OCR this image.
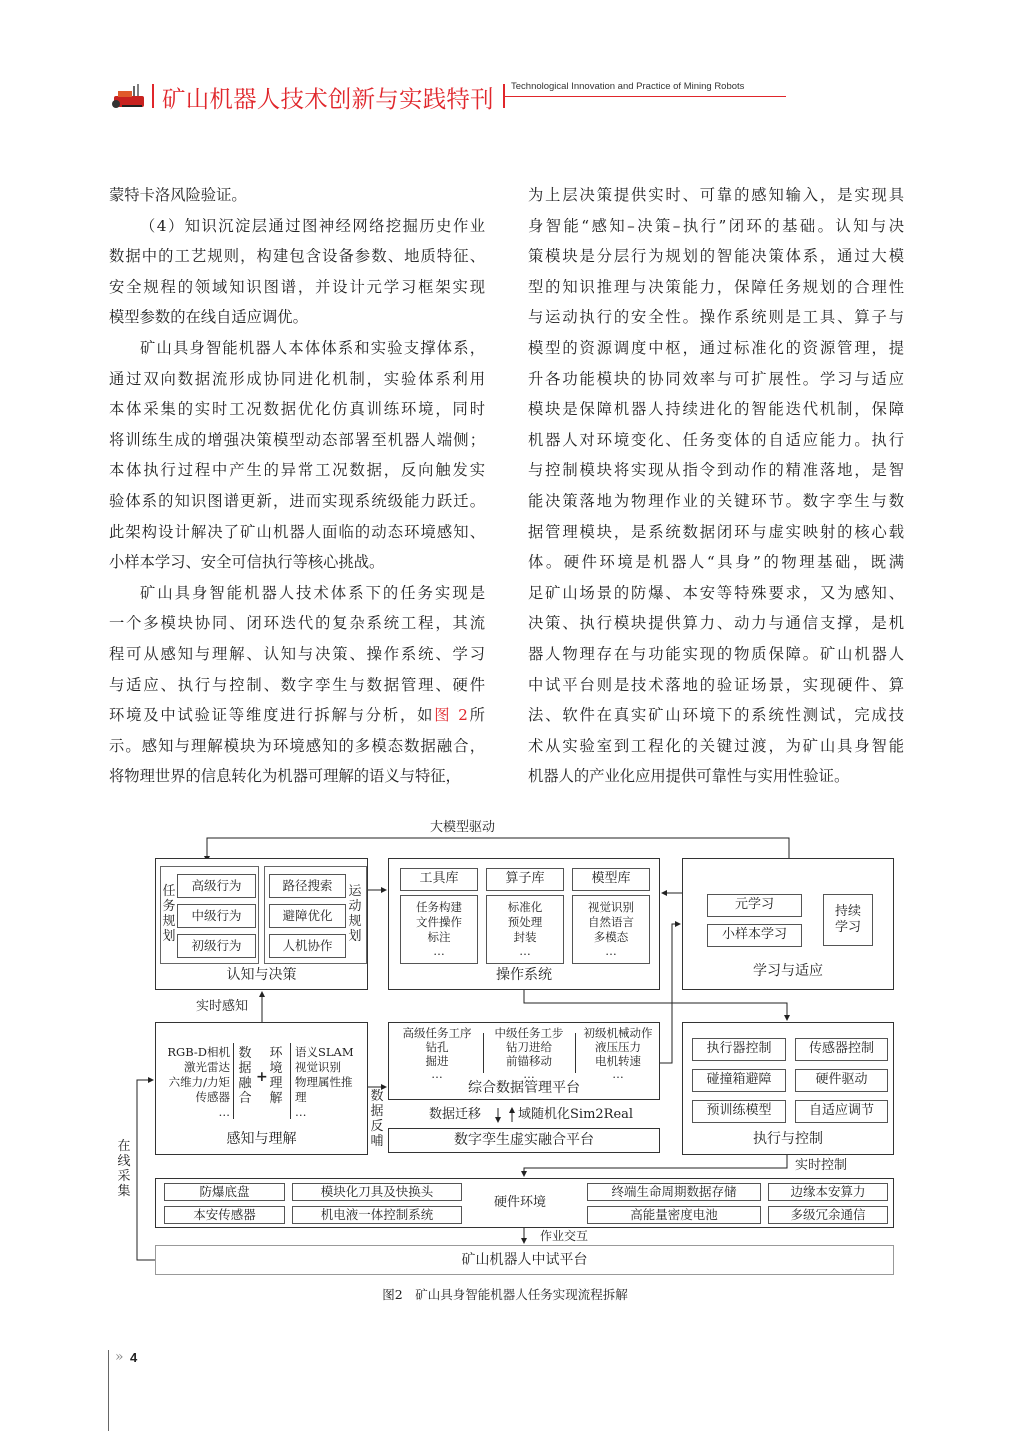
矿山机器人技术创新与实践特刊 Technological Innovation and Practice of Mining Robots
蒙特卡洛风险验证。
（4）知识沉淀层通过图神经网络挖掘历史作业
数据中的工艺规则，构建包含设备参数、地质特征、
安全规程的领域知识图谱，并设计元学习框架实现
模型参数的在线自适应调优。
矿山具身智能机器人本体体系和实验支撑体系，
通过双向数据流形成协同进化机制，实验体系利用
本体采集的实时工况数据优化仿真训练环境，同时
将训练生成的增强决策模型动态部署至机器人端侧；
本体执行过程中产生的异常工况数据，反向触发实
验体系的知识图谱更新，进而实现系统级能力跃迁。
此架构设计解决了矿山机器人面临的动态环境感知、
小样本学习、安全可信执行等核心挑战。
矿山具身智能机器人技术体系下的任务实现是
一个多模块协同、闭环迭代的复杂系统工程，其流
程可从感知与理解、认知与决策、操作系统、学习
与适应、执行与控制、数字孪生与数据管理、硬件
环境及中试验证等维度进行拆解与分析，如图 2所
示。感知与理解模块为环境感知的多模态数据融合，
将物理世界的信息转化为机器可理解的语义与特征，
为上层决策提供实时、可靠的感知输入，是实现具
身智能“感知–决策–执行”闭环的基础。认知与决
策模块是分层行为规划的智能决策体系，通过大模
型的知识推理与决策能力，保障任务规划的合理性
与运动执行的安全性。操作系统则是工具、算子与
模型的资源调度中枢，通过标准化的资源管理，提
升各功能模块的协同效率与可扩展性。学习与适应
模块是保障机器人持续进化的智能迭代机制，保障
机器人对环境变化、任务变体的自适应能力。执行
与控制模块将实现从指令到动作的精准落地，是智
能决策落地为物理作业的关键环节。数字孪生与数
据管理模块，是系统数据闭环与虚实映射的核心载
体。硬件环境是机器人“具身”的物理基础，既满
足矿山场景的防爆、本安等特殊要求，又为感知、
决策、执行模块提供算力、动力与通信支撑，是机
器人物理存在与功能实现的物质保障。矿山机器人
中试平台则是技术落地的验证场景，实现硬件、算
法、软件在真实矿山环境下的系统性测试，完成技
术从实验室到工程化的关键过渡，为矿山具身智能
机器人的产业化应用提供可靠性与实用性验证。
大模型驱动
任务规划
高级行为
中级行为
初级行为
路径搜索
避障优化
人机协作
运动规划
认知与决策
工具库	算子库	模型库
任务构建
文件操作
标注
…
标准化
预处理
封装
…
视觉识别
自然语言
多模态
…
操作系统
元学习
小样本学习
持续学习
学习与适应
实时感知
RGB-D相机
激光雷达
六维力/力矩
传感器
…
数据融合
+
环境理解
语义SLAM
视觉识别
物理属性推
理
…
感知与理解
数据反哺
高级任务工序
钻孔
掘进
…
中级任务工步
钻刀进给
前锚移动
…
初级机械动作
液压压力
电机转速
…
综合数据管理平台
数据迁移	域随机化Sim2Real
数字孪生虚实融合平台
执行器控制	传感器控制
碰撞箱避障	硬件驱动
预训练模型	自适应调节
执行与控制
实时控制
防爆底盘	模块化刀具及快换头
本安传感器	机电液一体控制系统
硬件环境
终端生命周期数据存储	边缘本安算力
高能量密度电池	多级冗余通信
作业交互
矿山机器人中试平台
在线采集
图2　矿山具身智能机器人任务实现流程拆解
» 4
